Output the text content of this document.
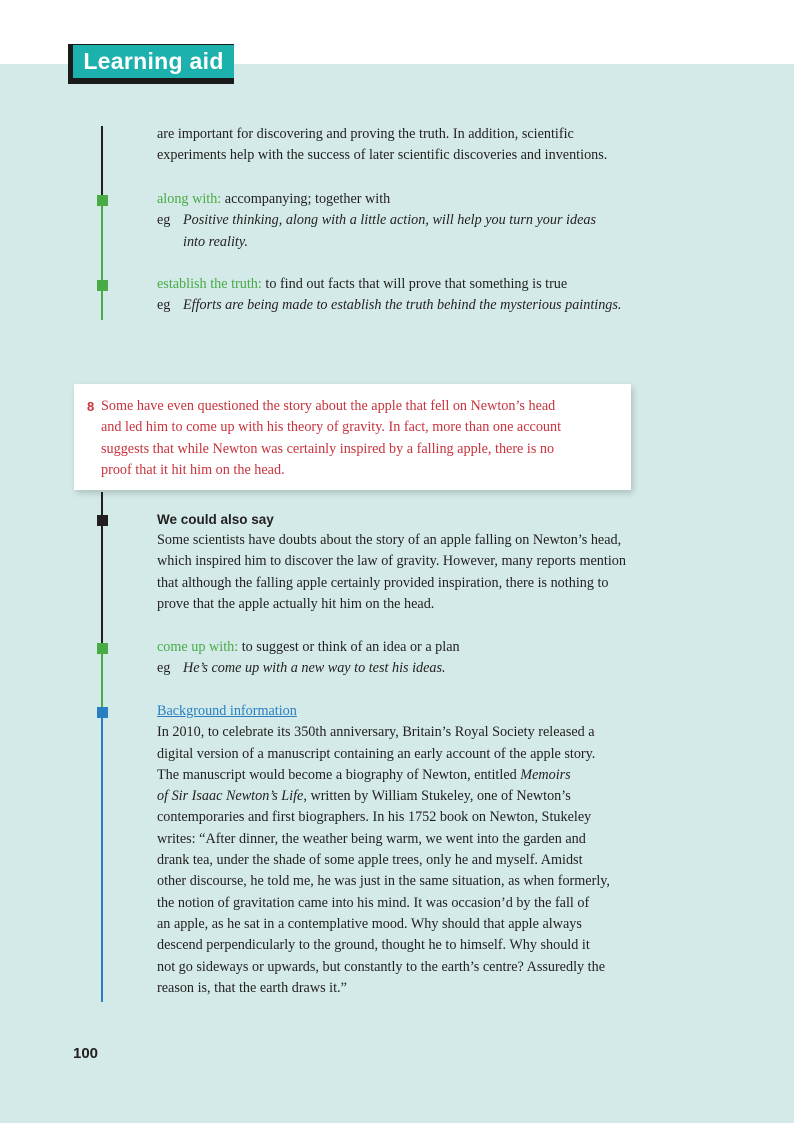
Learning aid

are important for discovering and proving the truth. In addition, scientific
experiments help with the success of later scientific discoveries and inventions.

along with: accompanying; together with
eg Positive thinking, along with a little action, will help you turn your ideas
into reality.

establish the truth: to find out facts that will prove that something is true
eg Efforts are being made to establish the truth behind the mysterious paintings.

8 Some have even questioned the story about the apple that fell on Newton’s head
and led him to come up with his theory of gravity. In fact, more than one account
suggests that while Newton was certainly inspired by a falling apple, there is no
proof that it hit him on the head.

We could also say

Some scientists have doubts about the story of an apple falling on Newton’s head,
which inspired him to discover the law of gravity. However, many reports mention
that although the falling apple certainly provided inspiration, there is nothing to
prove that the apple actually hit him on the head.

come up with: to suggest or think of an idea or a plan
eg He’s come up with a new way to test his ideas.

Background information
In 2010, to celebrate its 350th anniversary, Britain’s Royal Society released a
digital version of a manuscript containing an early account of the apple story.
The manuscript would become a biography of Newton, entitled Memoirs
of Sir Isaac Newton’s Life, written by William Stukeley, one of Newton’s
contemporaries and first biographers. In his 1752 book on Newton, Stukeley
writes: “After dinner, the weather being warm, we went into the garden and
drank tea, under the shade of some apple trees, only he and myself. Amidst
other discourse, he told me, he was just in the same situation, as when formerly,
the notion of gravitation came into his mind. It was occasion’d by the fall of
an apple, as he sat in a contemplative mood. Why should that apple always
descend perpendicularly to the ground, thought he to himself. Why should it
not go sideways or upwards, but constantly to the earth’s centre? Assuredly the
reason is, that the earth draws it.”

100
